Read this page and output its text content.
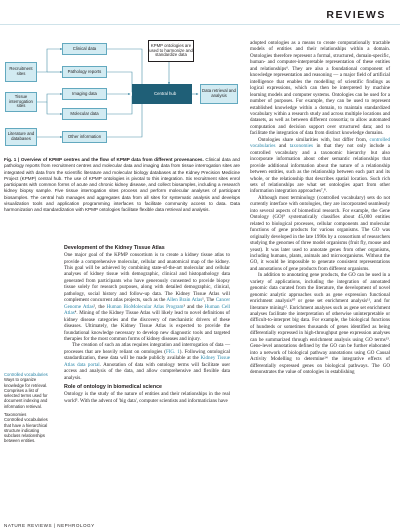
REVIEWS
Recruitment sites
Tissue interrogation sites
Literature and databases
Clinical data
Pathology reports
Imaging data
Molecular data
Other information
KPMP ontologies are used to harmonize and standardize data
Central hub	Data retrieval and analysis
Fig. 1 | Overview of KPMP centres and the flow of KPMP data from different provenances. Clinical data and pathology reports from recruitment centres and molecular data and imaging data from tissue interrogation sites are integrated with data from the scientific literature and molecular biology databases at the Kidney Precision Medicine Project (KPMP) central hub. The use of KPMP ontologies is pivotal to this integration. Six recruitment sites enrol participants with common forms of acute and chronic kidney disease, and collect biosamples, including a research kidney biopsy sample. Five tissue interrogation sites process and perform molecular analyses of participant biosamples. The central hub manages and aggregates data from all sites for systematic analysis and develops visualization tools and application programming interfaces to facilitate community access to data. Data harmonization and standardization with KPMP ontologies facilitate flexible data retrieval and analysis.
Controlled vocabularies
Ways to organize knowledge for retrieval. Comprises a list of selected terms used for document indexing and information retrieval.
Taxonomies
Controlled vocabularies that have a hierarchical structure indicating subclass relationships between entities.
Development of the Kidney Tissue Atlas

One major goal of the KPMP consortium is to create a kidney tissue atlas to provide a comprehensive molecular, cellular and anatomical map of the kidney. This goal will be achieved by combining state-of-the-art molecular and cellular analyses of kidney tissue with demographic, clinical and histopathology data generated from participants who have generously consented to provide biopsy tissue solely for research purposes, along with detailed demographic, clinical, pathology, social history and follow-up data. The Kidney Tissue Atlas will complement concurrent atlas projects, such as the Allen Brain Atlas¹, The Cancer Genome Atlas², the Human BioMolecular Atlas Program³ and the Human Cell Atlas⁴. Mining of the Kidney Tissue Atlas will likely lead to novel definitions of kidney disease categories and the discovery of mechanistic drivers of these diseases. Ultimately, the Kidney Tissue Atlas is expected to provide the foundational knowledge necessary to develop new diagnostic tools and targeted therapies for the most common forms of kidney diseases and injury.

The creation of such an atlas requires integration and interrogation of data — processes that are heavily reliant on ontologies (FIG. 1). Following ontological standardization, these data will be made publicly available at the Kidney Tissue Atlas data portal. Annotation of data with ontology terms will facilitate user access and analysis of the data, and allow comprehensive and flexible data analysis.

Role of ontology in biomedical science

Ontology is the study of the nature of entities and their relationships in the real world⁵. With the advent of 'big data', computer scientists and informaticians have

adopted ontologies as a means to create computationally tractable models of entities and their relationships within a domain. Ontologies therefore represent a formal, structured, domain-specific, human- and computer-interpretable representation of these entities and relationships⁶. They are also a foundational component of knowledge representation and reasoning — a major field of artificial intelligence that enables the modelling of scientific findings as logical expressions, which can then be interpreted by machine learning models and computer systems. Ontologies can be used for a number of purposes. For example, they can be used to represent established knowledge within a domain, to maintain standardized vocabulary within a research study and across multiple locations and datasets, as well as between different consortia; to allow automated computation and decision support over structured data; and to facilitate the integration of data from distinct knowledge domains.

Ontologies share similarities with, but differ from, controlled vocabularies and taxonomies in that they not only include a controlled vocabulary and a taxonomic hierarchy but also incorporate information about other semantic relationships that provide additional information about the nature of a relationship between entities, such as the relationship between each part and its whole, or the relationship that describes spatial location. Such rich sets of relationships are what set ontologies apart from other information integration approaches⁷,⁸.

Although most terminology (controlled vocabulary) sets do not currently interface with ontologies, they are incorporated seamlessly into several aspects of biomedical research. For example, the Gene Ontology (GO)⁹ systematically classifies about 45,000 entities related to biological processes, cellular components and molecular functions of gene products for various organisms. The GO was originally developed in the late 1990s by a consortium of researchers studying the genomes of three model organisms (fruit fly, mouse and yeast). It was later used to annotate genes from other organisms, including humans, plants, animals and microorganisms. Without the GO, it would be impossible to generate consistent representations and annotations of gene products from different organisms.

In addition to annotating gene products, the GO can be used in a variety of applications, including the integration of annotated genomic data curated from the literature, the development of novel genomic analytic approaches such as gene expression functional enrichment analysis¹⁰ or gene set enrichment analysis¹¹, and for literature mining¹². Enrichment analyses such as gene set enrichment analyses facilitate the interpretation of otherwise uninterpretable or difficult-to-interpret big data. For example, the biological functions of hundreds or sometimes thousands of genes identified as being differentially expressed in high-throughput gene expression analyses can be summarized through enrichment analysis using GO terms¹³. Gene-level annotations defined by the GO can be further elaborated into a network of biological pathway annotations using GO Causal Activity Modelling to determine¹⁴ the integrative effects of differentially expressed genes on biological pathways. The GO demonstrates the value of ontologies in establishing

NATURE REVIEWS | NEPHROLOGY
